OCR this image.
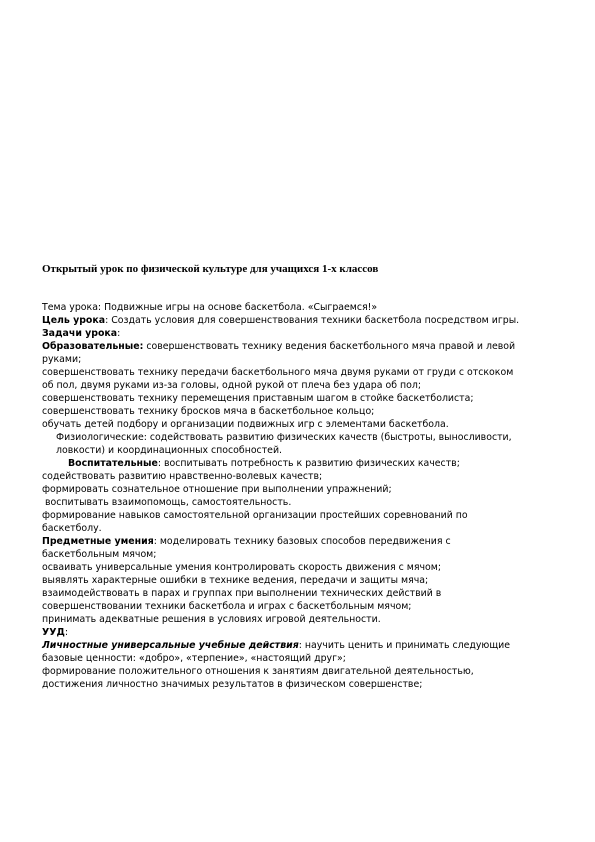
Открытый урок по физической культуре для учащихся 1-х классов

Тема урока: Подвижные игры на основе баскетбола. «Сыграемся!»

Цель урока: Создать условия для совершенствования техники баскетбола посредством игры.

Задачи урока:

Образовательные: совершенствовать технику ведения баскетбольного мяча правой и левой руками;

совершенствовать технику передачи баскетбольного мяча двумя руками от груди с отскоком об пол, двумя руками из-за головы, одной рукой от плеча без удара об пол;

совершенствовать технику перемещения приставным шагом в стойке баскетболиста;

совершенствовать технику бросков мяча в баскетбольное кольцо;

обучать детей подбору и организации подвижных игр с элементами баскетбола.

Физиологические: содействовать развитию физических качеств (быстроты, выносливости, ловкости) и координационных способностей.

Воспитательные: воспитывать потребность к развитию физических качеств;

содействовать развитию нравственно-волевых качеств;

формировать сознательное отношение при выполнении упражнений;

воспитывать взаимопомощь, самостоятельность.

формирование навыков самостоятельной организации простейших соревнований по баскетболу.

Предметные умения: моделировать технику базовых способов передвижения с баскетбольным мячом;

осваивать универсальные умения контролировать скорость движения с мячом;

выявлять характерные ошибки в технике ведения, передачи и защиты мяча;

взаимодействовать в парах и группах при выполнении технических действий в совершенствовании техники баскетбола и играх с баскетбольным мячом;

принимать адекватные решения в условиях игровой деятельности.

УУД:

Личностные универсальные учебные действия: научить ценить и принимать следующие базовые ценности: «добро», «терпение», «настоящий друг»;

формирование положительного отношения к занятиям двигательной деятельностью, достижения личностно значимых результатов в физическом совершенстве;
